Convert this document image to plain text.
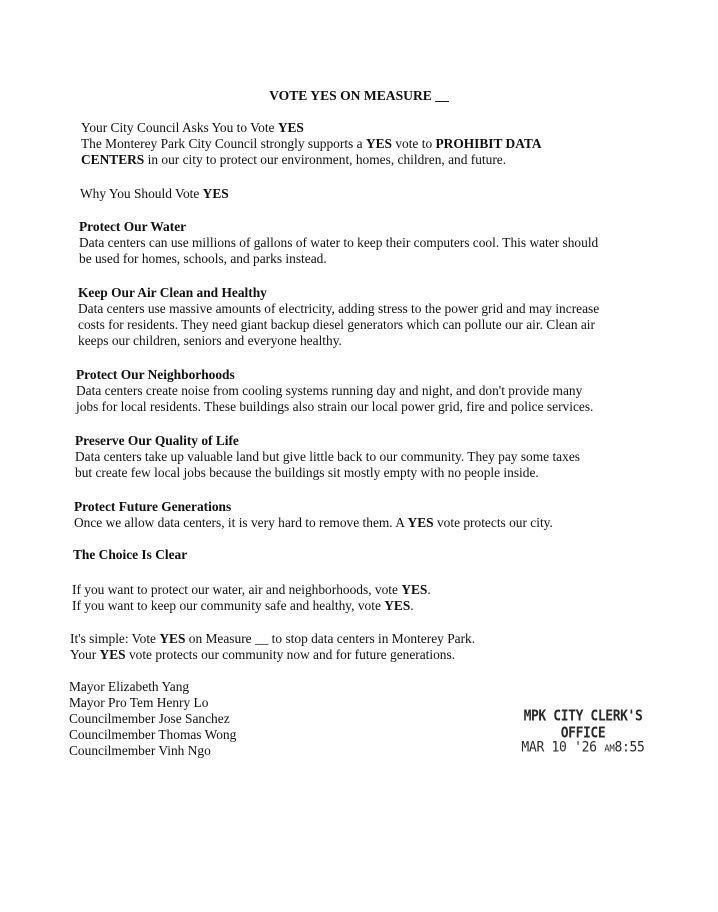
VOTE YES ON MEASURE __

Your City Council Asks You to Vote YES

The Monterey Park City Council strongly supports a YES vote to PROHIBIT DATA

CENTERS in our city to protect our environment, homes, children, and future.

Why You Should Vote YES

Protect Our Water

Data centers can use millions of gallons of water to keep their computers cool. This water should

be used for homes, schools, and parks instead.

Keep Our Air Clean and Healthy

Data centers use massive amounts of electricity, adding stress to the power grid and may increase

costs for residents. They need giant backup diesel generators which can pollute our air. Clean air

keeps our children, seniors and everyone healthy.

Protect Our Neighborhoods

Data centers create noise from cooling systems running day and night, and don't provide many

jobs for local residents. These buildings also strain our local power grid, fire and police services.

Preserve Our Quality of Life

Data centers take up valuable land but give little back to our community. They pay some taxes

but create few local jobs because the buildings sit mostly empty with no people inside.

Protect Future Generations

Once we allow data centers, it is very hard to remove them. A YES vote protects our city.

The Choice Is Clear

If you want to protect our water, air and neighborhoods, vote YES.

If you want to keep our community safe and healthy, vote YES.

It's simple: Vote YES on Measure __ to stop data centers in Monterey Park.

Your YES vote protects our community now and for future generations.

Mayor Elizabeth Yang

Mayor Pro Tem Henry Lo

Councilmember Jose Sanchez

Councilmember Thomas Wong

Councilmember Vinh Ngo

MPK CITY CLERK'S OFFICE
MAR 10 '26 AM8:55
